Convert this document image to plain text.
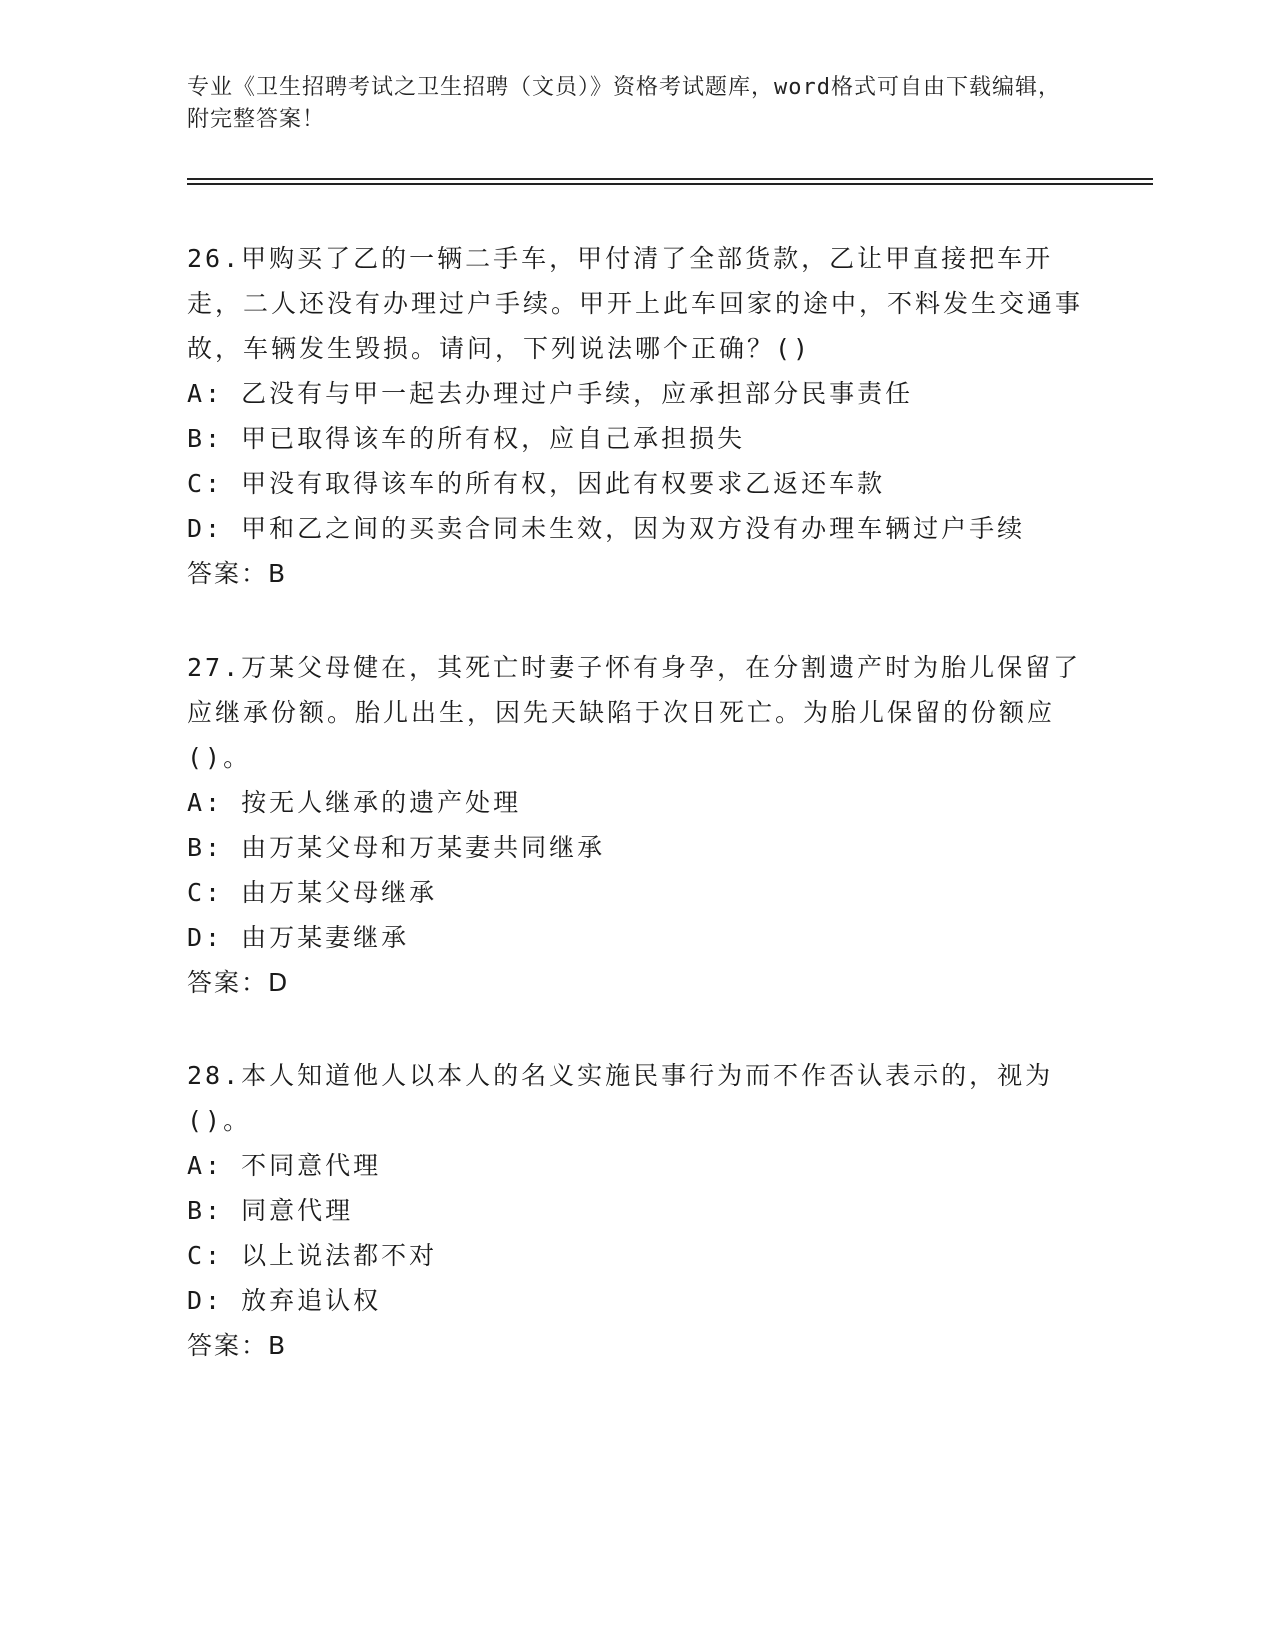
专业《卫生招聘考试之卫生招聘（文员）》资格考试题库，word格式可自由下载编辑，附完整答案！

26.甲购买了乙的一辆二手车，甲付清了全部货款，乙让甲直接把车开走，二人还没有办理过户手续。甲开上此车回家的途中，不料发生交通事故，车辆发生毁损。请问，下列说法哪个正确？()

A: 乙没有与甲一起去办理过户手续，应承担部分民事责任

B: 甲已取得该车的所有权，应自己承担损失

C: 甲没有取得该车的所有权，因此有权要求乙返还车款

D: 甲和乙之间的买卖合同未生效，因为双方没有办理车辆过户手续

答案：B

27.万某父母健在，其死亡时妻子怀有身孕，在分割遗产时为胎儿保留了应继承份额。胎儿出生，因先天缺陷于次日死亡。为胎儿保留的份额应()。

A: 按无人继承的遗产处理

B: 由万某父母和万某妻共同继承

C: 由万某父母继承

D: 由万某妻继承

答案：D

28.本人知道他人以本人的名义实施民事行为而不作否认表示的，视为()。

A: 不同意代理

B: 同意代理

C: 以上说法都不对

D: 放弃追认权

答案：B
